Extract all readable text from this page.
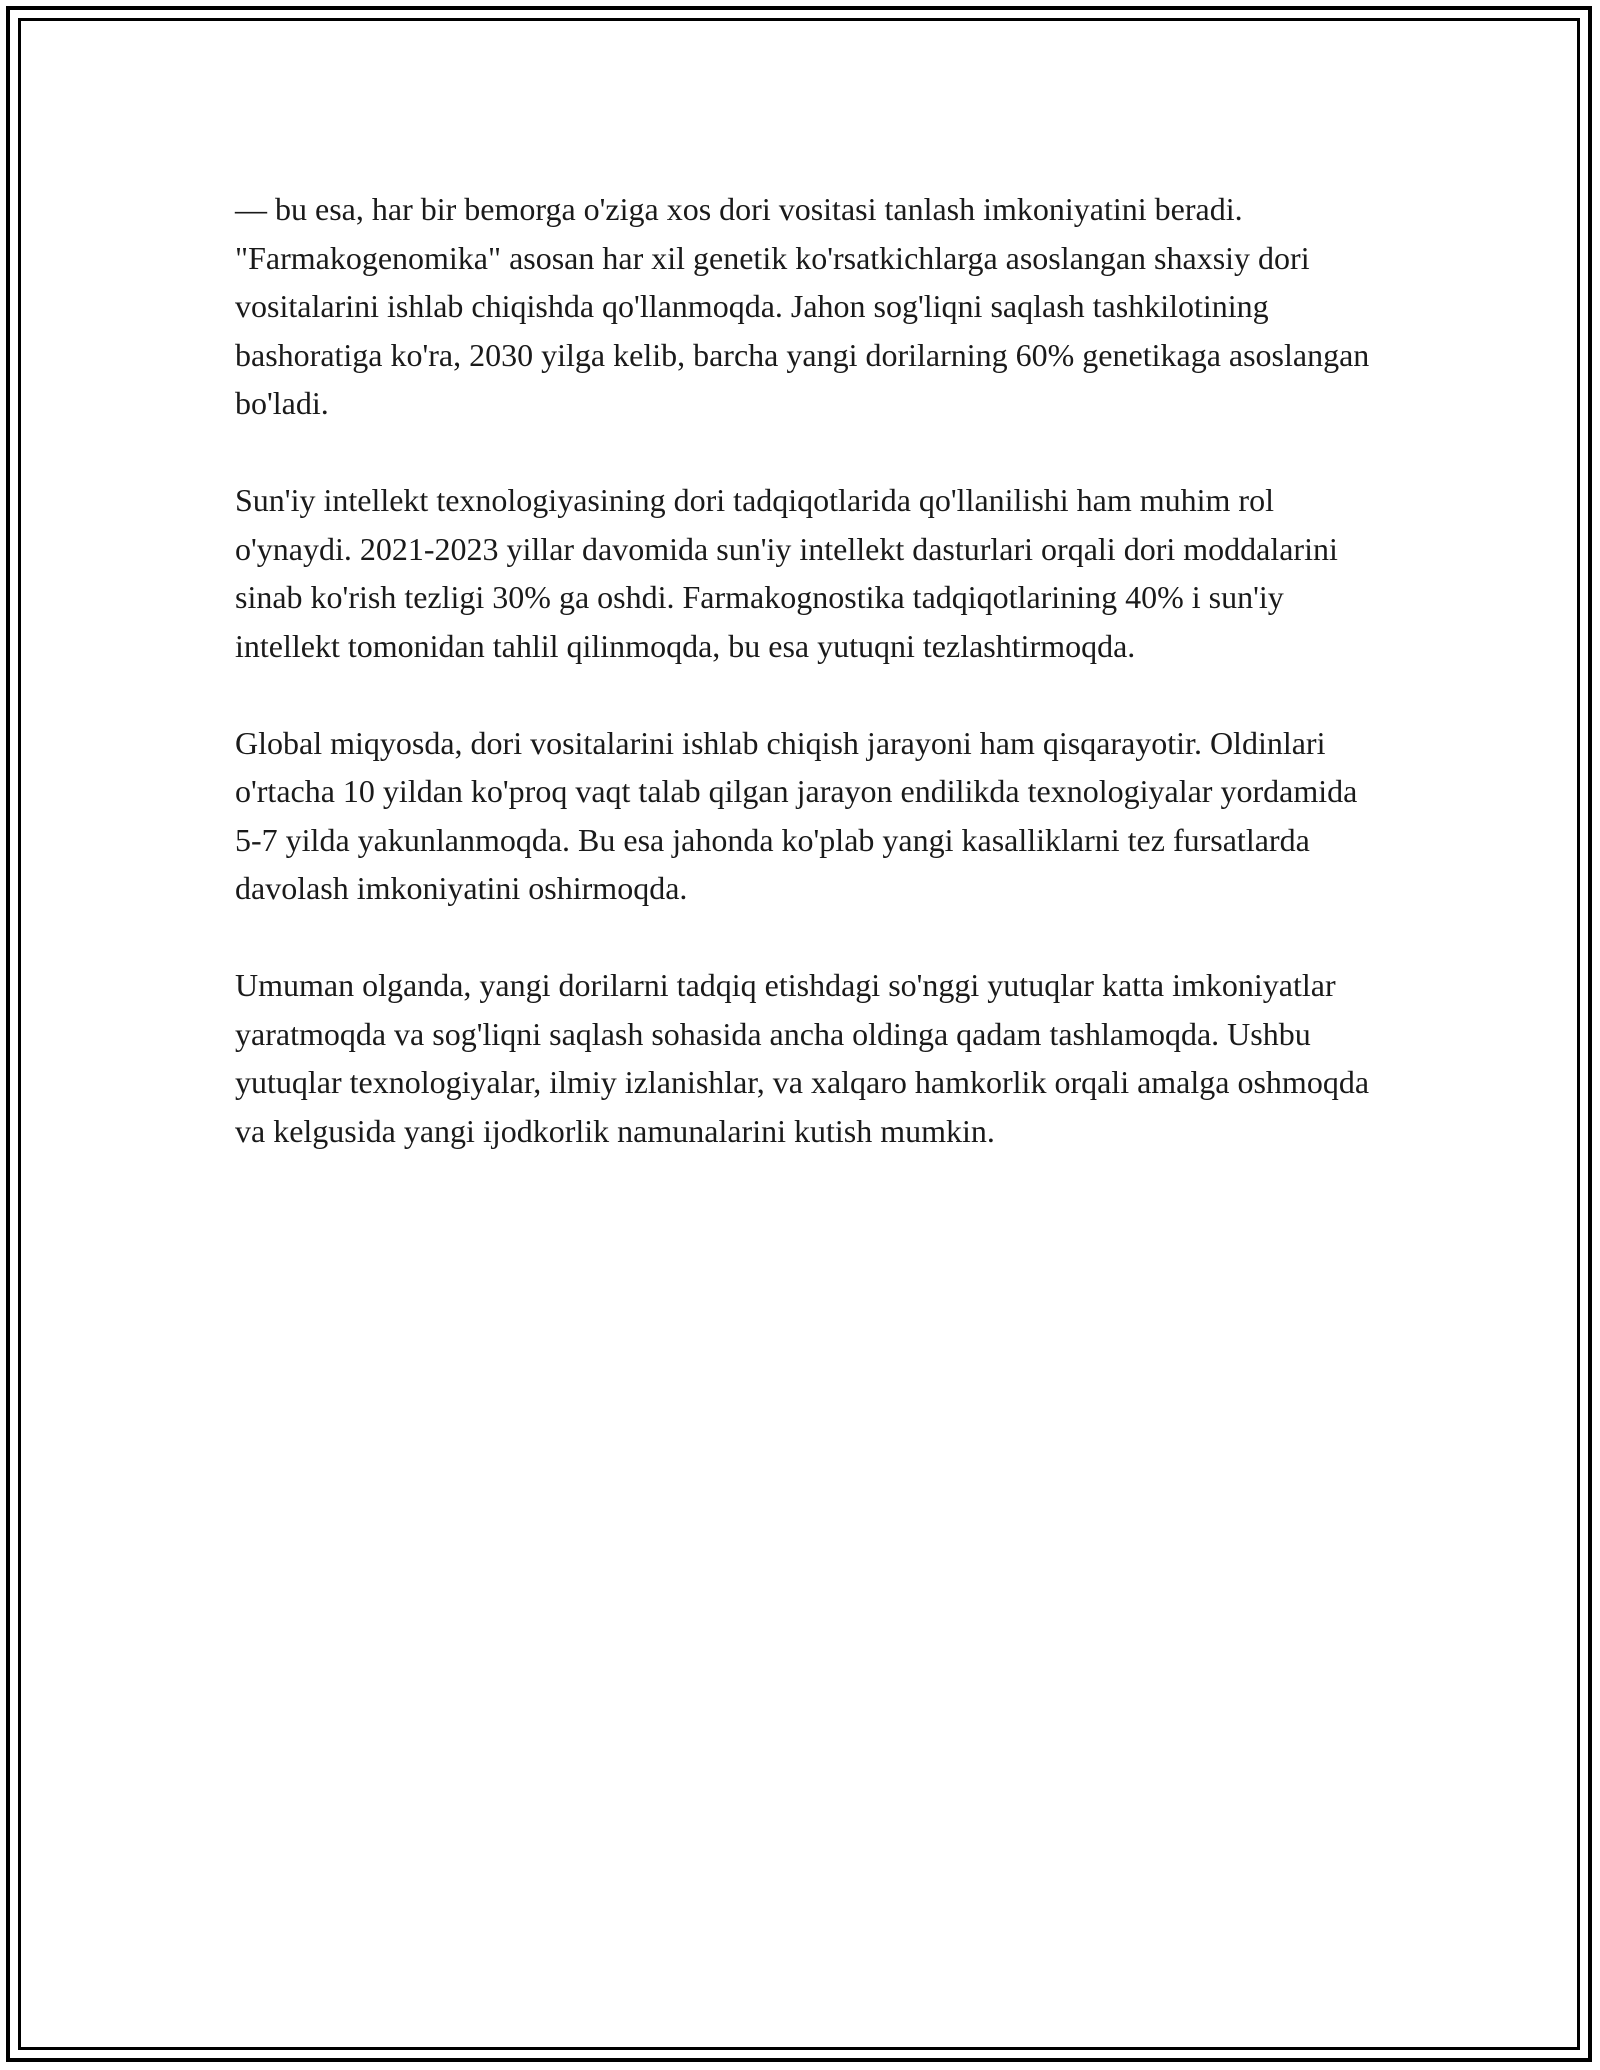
— bu esa, har bir bemorga o'ziga xos dori vositasi tanlash imkoniyatini beradi. "Farmakogenomika" asosan har xil genetik ko'rsatkichlarga asoslangan shaxsiy dori vositalarini ishlab chiqishda qo'llanmoqda. Jahon sog'liqni saqlash tashkilotining bashoratiga ko'ra, 2030 yilga kelib, barcha yangi dorilarning 60% genetikaga asoslangan bo'ladi.

Sun'iy intellekt texnologiyasining dori tadqiqotlarida qo'llanilishi ham muhim rol o'ynaydi. 2021-2023 yillar davomida sun'iy intellekt dasturlari orqali dori moddalarini sinab ko'rish tezligi 30% ga oshdi. Farmakognostika tadqiqotlarining 40% i sun'iy intellekt tomonidan tahlil qilinmoqda, bu esa yutuqni tezlashtirmoqda.

Global miqyosda, dori vositalarini ishlab chiqish jarayoni ham qisqarayotir. Oldinlari o'rtacha 10 yildan ko'proq vaqt talab qilgan jarayon endilikda texnologiyalar yordamida 5-7 yilda yakunlanmoqda. Bu esa jahonda ko'plab yangi kasalliklarni tez fursatlarda davolash imkoniyatini oshirmoqda.

Umuman olganda, yangi dorilarni tadqiq etishdagi so'nggi yutuqlar katta imkoniyatlar yaratmoqda va sog'liqni saqlash sohasida ancha oldinga qadam tashlamoqda. Ushbu yutuqlar texnologiyalar, ilmiy izlanishlar, va xalqaro hamkorlik orqali amalga oshmoqda va kelgusida yangi ijodkorlik namunalarini kutish mumkin.
